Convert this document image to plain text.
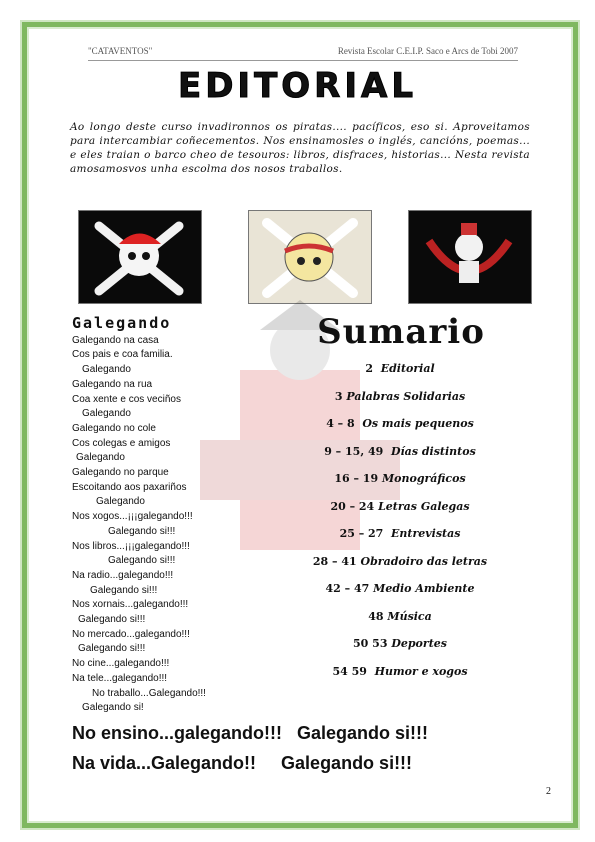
"CATAVENTOS"	Revista Escolar C.E.I.P. Saco e Arcs de Tobi 2007
EDITORIAL
Ao longo deste curso invadironnos os piratas.... pacíficos, eso si. Aproveitamos para intercambiar coñecementos. Nos ensinamosles o inglés, cancións, poemas... e eles traian o barco cheo de tesouros: libros, disfraces, historias... Nesta revista amosamosvos unha escolma dos nosos traballos.
Galegando
Galegando na casa
Cos pais e coa familia.
Galegando
Galegando na rua
Coa xente e cos veciños
Galegando
Galegando no cole
Cos colegas e amigos
Galegando
Galegando no parque
Escoitando aos paxariños
Galegando
Nos xogos...¡¡¡galegando!!!
Galegando si!!!
Nos libros...¡¡¡galegando!!!
Galegando si!!!
Na radio...galegando!!!
Galegando si!!!
Nos xornais...galegando!!!
Galegando si!!!
No mercado...galegando!!!
Galegando si!!!
No cine...galegando!!!
Na tele...galegando!!!
No traballo...Galegando!!!
Galegando si!
Sumario
2 Editorial
3 Palabras Solidarias
4 – 8 Os mais pequenos
9 – 15, 49 Días distintos
16 – 19 Monográficos
20 – 24 Letras Galegas
25 – 27 Entrevistas
28 – 41 Obradoiro das letras
42 – 47 Medio Ambiente
48 Música
50 53 Deportes
54 59 Humor e xogos
No ensino...galegando!!!   Galegando si!!!
Na vida...Galegando!!     Galegando si!!!
2
